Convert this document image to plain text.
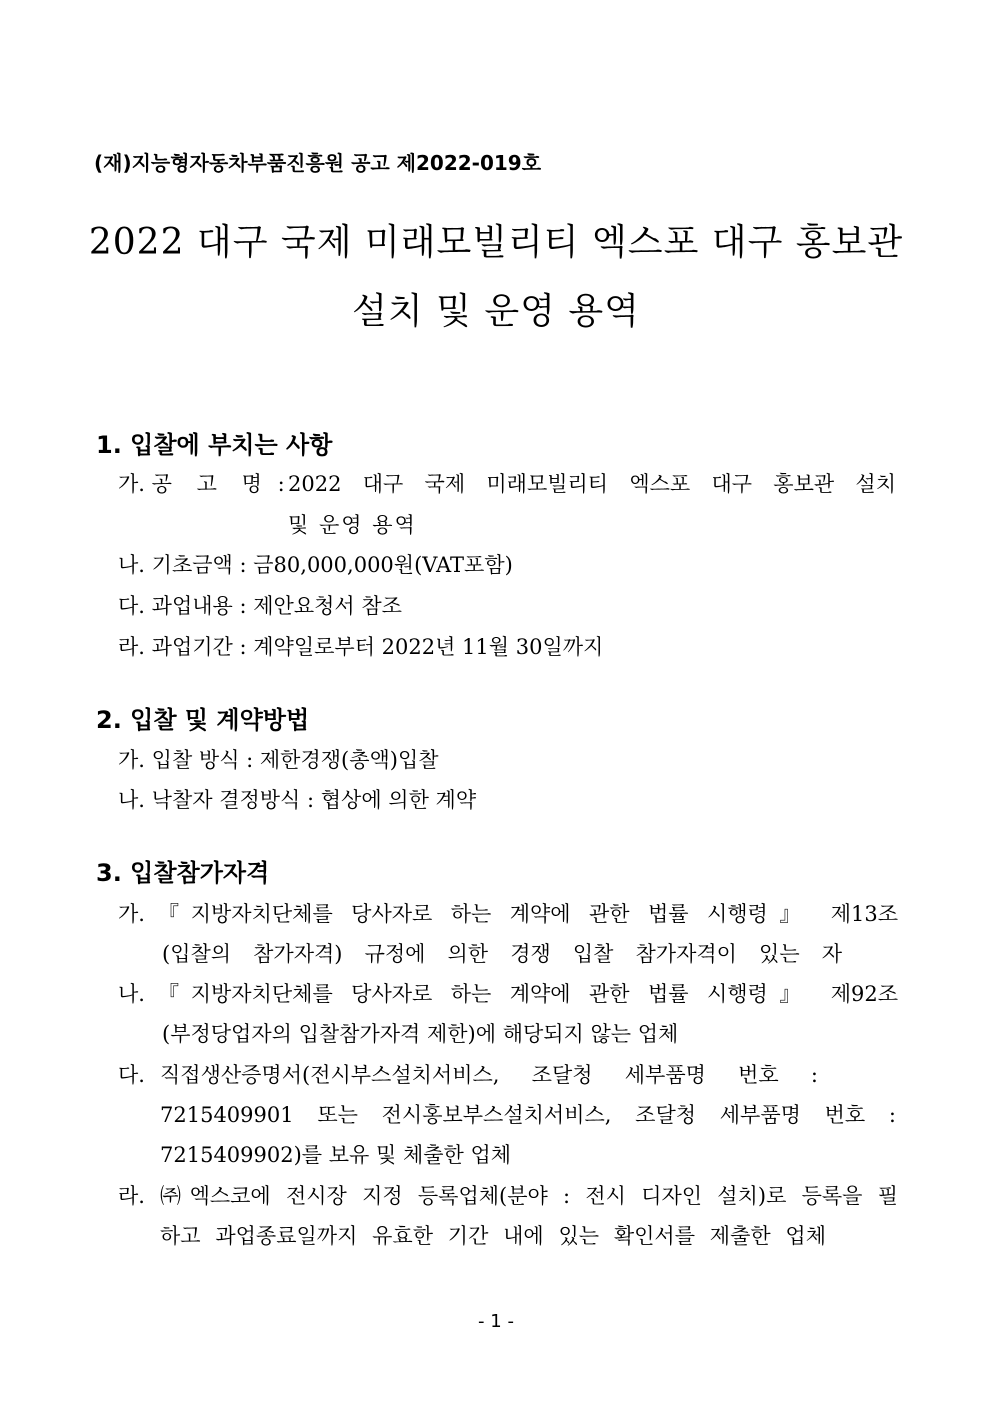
(재)지능형자동차부품진흥원 공고 제2022-019호
2022 대구 국제 미래모빌리티 엑스포 대구 홍보관
설치 및 운영 용역
1. 입찰에 부치는 사항
가. 공 고 명 : 2022 대구 국제 미래모빌리티 엑스포 대구 홍보관 설치
및 운영 용역
나. 기초금액 : 금80,000,000원(VAT포함)
다. 과업내용 : 제안요청서 참조
라. 과업기간 : 계약일로부터 2022년 11월 30일까지
2. 입찰 및 계약방법
가. 입찰 방식 : 제한경쟁(총액)입찰
나. 낙찰자 결정방식 : 협상에 의한 계약
3. 입찰참가자격
가. 『지방자치단체를 당사자로 하는 계약에 관한 법률 시행령』 제13조
(입찰의 참가자격) 규정에 의한 경쟁 입찰 참가자격이 있는 자
나. 『지방자치단체를 당사자로 하는 계약에 관한 법률 시행령』 제92조
(부정당업자의 입찰참가자격 제한)에 해당되지 않는 업체
다. 직접생산증명서(전시부스설치서비스, 조달청 세부품명 번호 :
7215409901 또는 전시홍보부스설치서비스, 조달청 세부품명 번호 :
7215409902)를 보유 및 체출한 업체
라. ㈜엑스코에 전시장 지정 등록업체(분야 : 전시 디자인 설치)로 등록을 필
하고 과업종료일까지 유효한 기간 내에 있는 확인서를 제출한 업체
- 1 -
